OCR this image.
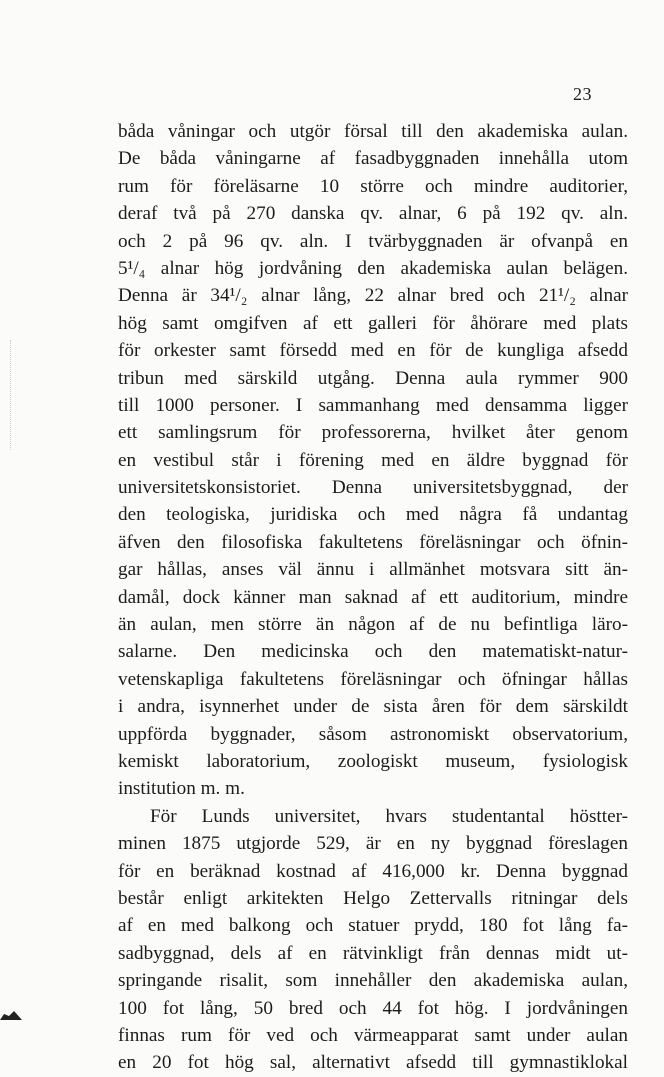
23
båda våningar och utgör försal till den akademiska aulan.
De båda våningarne af fasadbyggnaden innehålla utom
rum för föreläsarne 10 större och mindre auditorier,
deraf två på 270 danska qv. alnar, 6 på 192 qv. aln.
och 2 på 96 qv. aln. I tvärbyggnaden är ofvanpå en
5¹/₄ alnar hög jordvåning den akademiska aulan belägen.
Denna är 34¹/₂ alnar lång, 22 alnar bred och 21¹/₂ alnar
hög samt omgifven af ett galleri för åhörare med plats
för orkester samt försedd med en för de kungliga afsedd
tribun med särskild utgång. Denna aula rymmer 900
till 1000 personer. I sammanhang med densamma ligger
ett samlingsrum för professorerna, hvilket åter genom
en vestibul står i förening med en äldre byggnad för
universitetskonsistoriet. Denna universitetsbyggnad, der
den teologiska, juridiska och med några få undantag
äfven den filosofiska fakultetens föreläsningar och öfnin-
gar hållas, anses väl ännu i allmänhet motsvara sitt än-
damål, dock känner man saknad af ett auditorium, mindre
än aulan, men större än någon af de nu befintliga läro-
salarne. Den medicinska och den matematiskt-natur-
vetenskapliga fakultetens föreläsningar och öfningar hållas
i andra, isynnerhet under de sista åren för dem särskildt
uppförda byggnader, såsom astronomiskt observatorium,
kemiskt laboratorium, zoologiskt museum, fysiologisk
institution m. m.
För Lunds universitet, hvars studentantal höstter-
minen 1875 utgjorde 529, är en ny byggnad föreslagen
för en beräknad kostnad af 416,000 kr. Denna byggnad
består enligt arkitekten Helgo Zettervalls ritningar dels
af en med balkong och statuer prydd, 180 fot lång fa-
sadbyggnad, dels af en rätvinkligt från dennas midt ut-
springande risalit, som innehåller den akademiska aulan,
100 fot lång, 50 bred och 44 fot hög. I jordvåningen
finnas rum för ved och värmeapparat samt under aulan
en 20 fot hög sal, alternativt afsedd till gymnastiklokal
